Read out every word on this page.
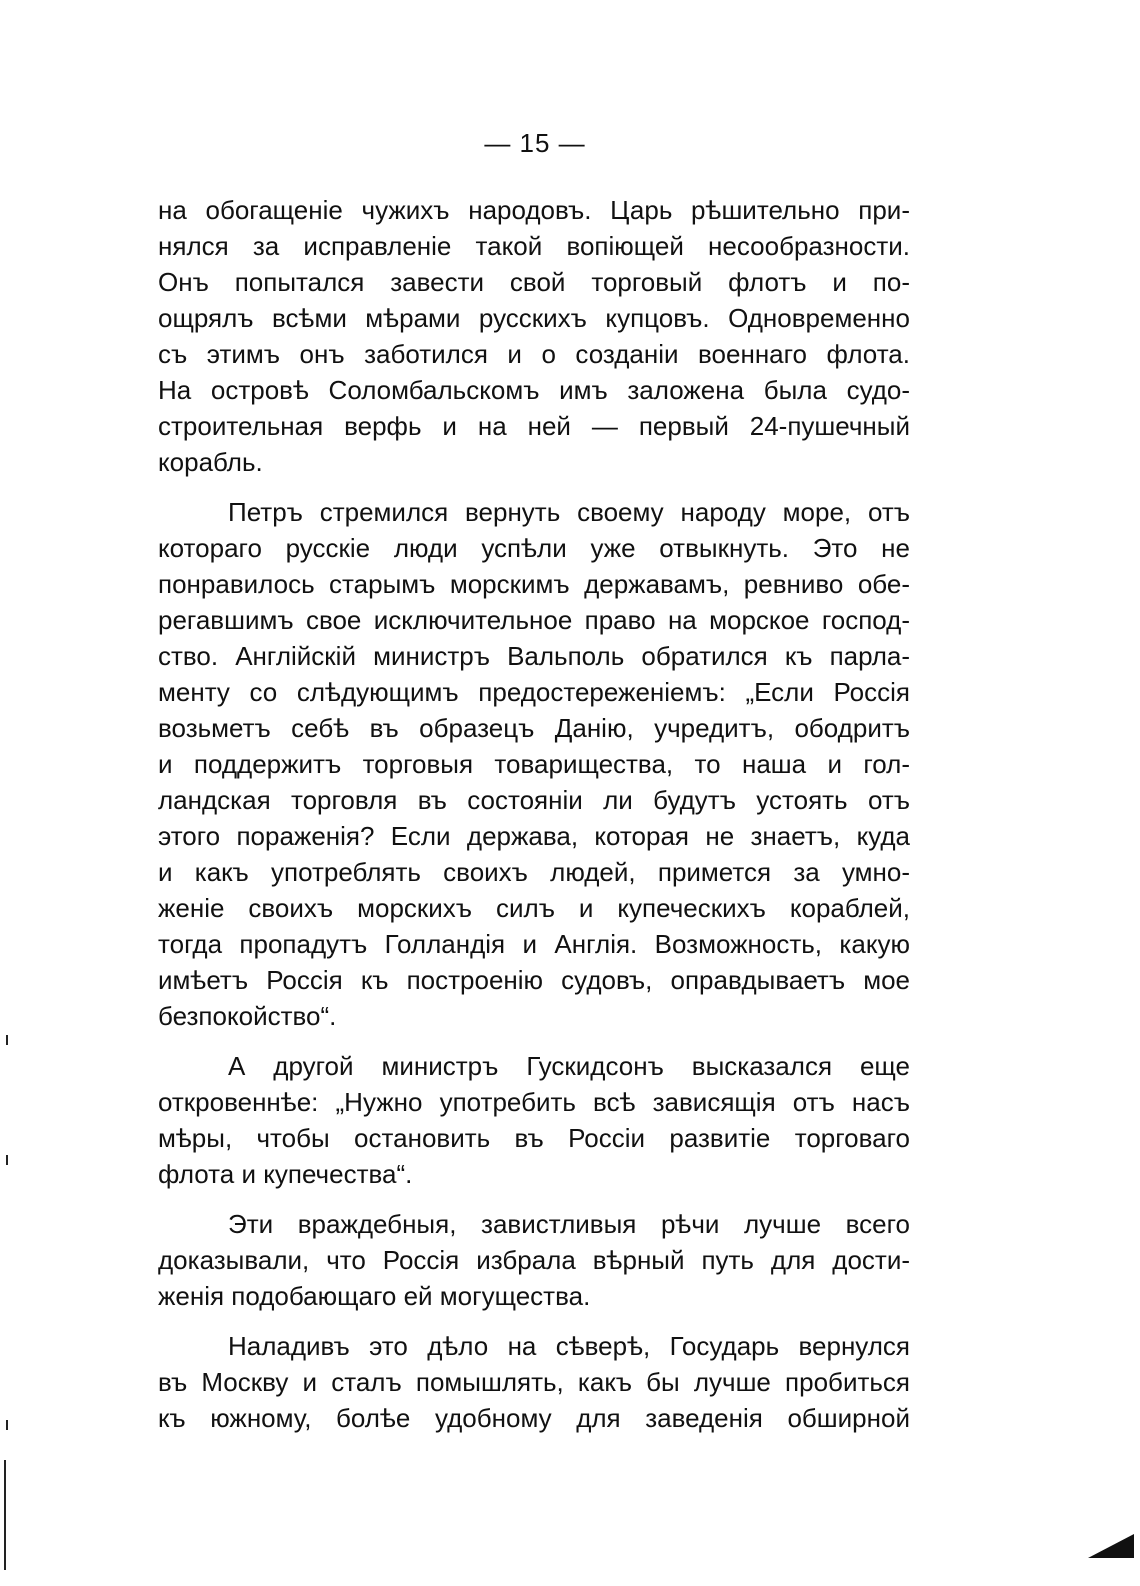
— 15 —

на обогащеніе чужихъ народовъ. Царь рѣшительно при-
нялся за исправленіе такой вопіющей несообразности.
Онъ попытался завести свой торговый флотъ и по-
ощрялъ всѣми мѣрами русскихъ купцовъ. Одновременно
съ этимъ онъ заботился и о созданіи военнаго флота.
На островѣ Соломбальскомъ имъ заложена была судо-
строительная верфь и на ней — первый 24-пушечный
корабль.

Петръ стремился вернуть своему народу море, отъ
котораго русскіе люди успѣли уже отвыкнуть. Это не
понравилось старымъ морскимъ державамъ, ревниво обе-
регавшимъ свое исключительное право на морское господ-
ство. Англійскій министръ Вальполь обратился къ парла-
менту со слѣдующимъ предостереженіемъ: „Если Россія
возьметъ себѣ въ образецъ Данію, учредитъ, ободритъ
и поддержитъ торговыя товарищества, то наша и гол-
ландская торговля въ состояніи ли будутъ устоять отъ
этого пораженія? Если держава, которая не знаетъ, куда
и какъ употреблять своихъ людей, примется за умно-
женіе своихъ морскихъ силъ и купеческихъ кораблей,
тогда пропадутъ Голландія и Англія. Возможность, какую
имѣетъ Россія къ построенію судовъ, оправдываетъ мое
безпокойство“.

А другой министръ Гускидсонъ высказался еще
откровеннѣе: „Нужно употребить всѣ зависящія отъ насъ
мѣры, чтобы остановить въ Россіи развитіе торговаго
флота и купечества“.

Эти враждебныя, завистливыя рѣчи лучше всего
доказывали, что Россія избрала вѣрный путь для дости-
женія подобающаго ей могущества.

Наладивъ это дѣло на сѣверѣ, Государь вернулся
въ Москву и сталъ помышлять, какъ бы лучше пробиться
къ южному, болѣе удобному для заведенія обширной
